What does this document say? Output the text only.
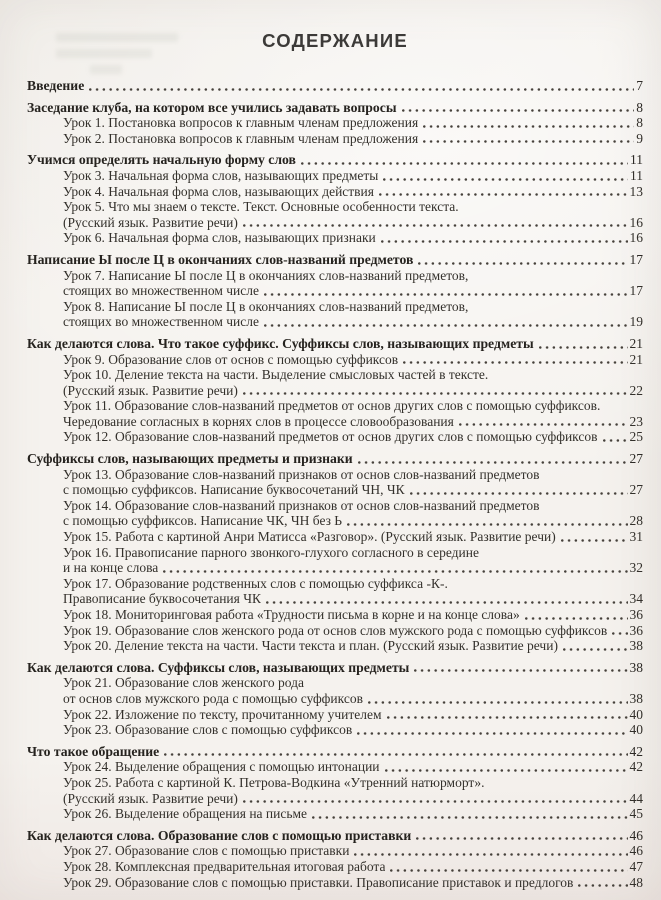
СОДЕРЖАНИЕ
Введение	7
Заседание клуба, на котором все учились задавать вопросы	8
Урок 1. Постановка вопросов к главным членам предложения	8
Урок 2. Постановка вопросов к главным членам предложения	9
Учимся определять начальную форму слов	11
Урок 3. Начальная форма слов, называющих предметы	11
Урок 4. Начальная форма слов, называющих действия	13
Урок 5. Что мы знаем о тексте. Текст. Основные особенности текста.
(Русский язык. Развитие речи)	16
Урок 6. Начальная форма слов, называющих признаки	16
Написание Ы после Ц в окончаниях слов-названий предметов	17
Урок 7. Написание Ы после Ц в окончаниях слов-названий предметов,
стоящих во множественном числе	17
Урок 8. Написание Ы после Ц в окончаниях слов-названий предметов,
стоящих во множественном числе	19
Как делаются слова. Что такое суффикс. Суффиксы слов, называющих предметы	21
Урок 9. Образование слов от основ с помощью суффиксов	21
Урок 10. Деление текста на части. Выделение смысловых частей в тексте.
(Русский язык. Развитие речи)	22
Урок 11. Образование слов-названий предметов от основ других слов с помощью суффиксов.
Чередование согласных в корнях слов в процессе словообразования	23
Урок 12. Образование слов-названий предметов от основ других слов с помощью суффиксов 25
Суффиксы слов, называющих предметы и признаки	27
Урок 13. Образование слов-названий признаков от основ слов-названий предметов
с помощью суффиксов. Написание буквосочетаний ЧН, ЧК	27
Урок 14. Образование слов-названий признаков от основ слов-названий предметов
с помощью суффиксов. Написание ЧК, ЧН без Ь	28
Урок 15. Работа с картиной Анри Матисса «Разговор». (Русский язык. Развитие речи)	31
Урок 16. Правописание парного звонкого-глухого согласного в середине
и на конце слова	32
Урок 17. Образование родственных слов с помощью суффикса -К-.
Правописание буквосочетания ЧК	34
Урок 18. Мониторинговая работа «Трудности письма в корне и на конце слова»	36
Урок 19. Образование слов женского рода от основ слов мужского рода с помощью суффиксов 36
Урок 20. Деление текста на части. Части текста и план. (Русский язык. Развитие речи)	38
Как делаются слова. Суффиксы слов, называющих предметы	38
Урок 21. Образование слов женского рода
от основ слов мужского рода с помощью суффиксов	38
Урок 22. Изложение по тексту, прочитанному учителем	40
Урок 23. Образование слов с помощью суффиксов	40
Что такое обращение	42
Урок 24. Выделение обращения с помощью интонации	42
Урок 25. Работа с картиной К. Петрова-Водкина «Утренний натюрморт».
(Русский язык. Развитие речи)	44
Урок 26. Выделение обращения на письме	45
Как делаются слова. Образование слов с помощью приставки	46
Урок 27. Образование слов с помощью приставки	46
Урок 28. Комплексная предварительная итоговая работа	47
Урок 29. Образование слов с помощью приставки. Правописание приставок и предлогов	48
